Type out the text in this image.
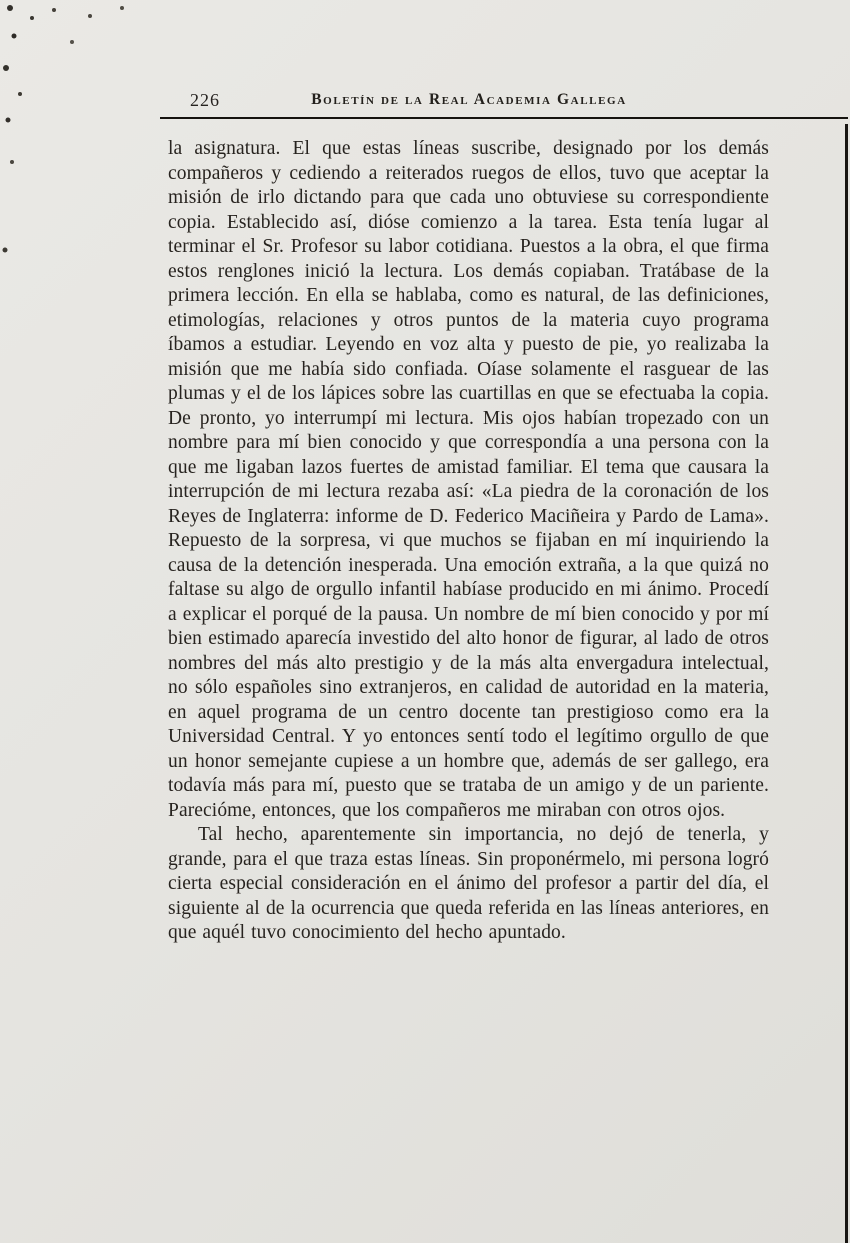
226	Boletín de la Real Academia Gallega

la asignatura. El que estas líneas suscribe, designado por los demás compañeros y cediendo a reiterados ruegos de ellos, tuvo que aceptar la misión de irlo dictando para que cada uno obtuviese su correspondiente copia. Establecido así, dióse comienzo a la tarea. Esta tenía lugar al terminar el Sr. Profesor su labor cotidiana. Puestos a la obra, el que firma estos renglones inició la lectura. Los demás copiaban. Tratábase de la primera lección. En ella se hablaba, como es natural, de las definiciones, etimologías, relaciones y otros puntos de la materia cuyo programa íbamos a estudiar. Leyendo en voz alta y puesto de pie, yo realizaba la misión que me había sido confiada. Oíase solamente el rasguear de las plumas y el de los lápices sobre las cuartillas en que se efectuaba la copia. De pronto, yo interrumpí mi lectura. Mis ojos habían tropezado con un nombre para mí bien conocido y que correspondía a una persona con la que me ligaban lazos fuertes de amistad familiar. El tema que causara la interrupción de mi lectura rezaba así: «La piedra de la coronación de los Reyes de Inglaterra: informe de D. Federico Maciñeira y Pardo de Lama». Repuesto de la sorpresa, vi que muchos se fijaban en mí inquiriendo la causa de la detención inesperada. Una emoción extraña, a la que quizá no faltase su algo de orgullo infantil habíase producido en mi ánimo. Procedí a explicar el porqué de la pausa. Un nombre de mí bien conocido y por mí bien estimado aparecía investido del alto honor de figurar, al lado de otros nombres del más alto prestigio y de la más alta envergadura intelectual, no sólo españoles sino extranjeros, en calidad de autoridad en la materia, en aquel programa de un centro docente tan prestigioso como era la Universidad Central. Y yo entonces sentí todo el legítimo orgullo de que un honor semejante cupiese a un hombre que, además de ser gallego, era todavía más para mí, puesto que se trataba de un amigo y de un pariente. Parecióme, entonces, que los compañeros me miraban con otros ojos.

Tal hecho, aparentemente sin importancia, no dejó de tenerla, y grande, para el que traza estas líneas. Sin proponérmelo, mi persona logró cierta especial consideración en el ánimo del profesor a partir del día, el siguiente al de la ocurrencia que queda referida en las líneas anteriores, en que aquél tuvo conocimiento del hecho apuntado.
